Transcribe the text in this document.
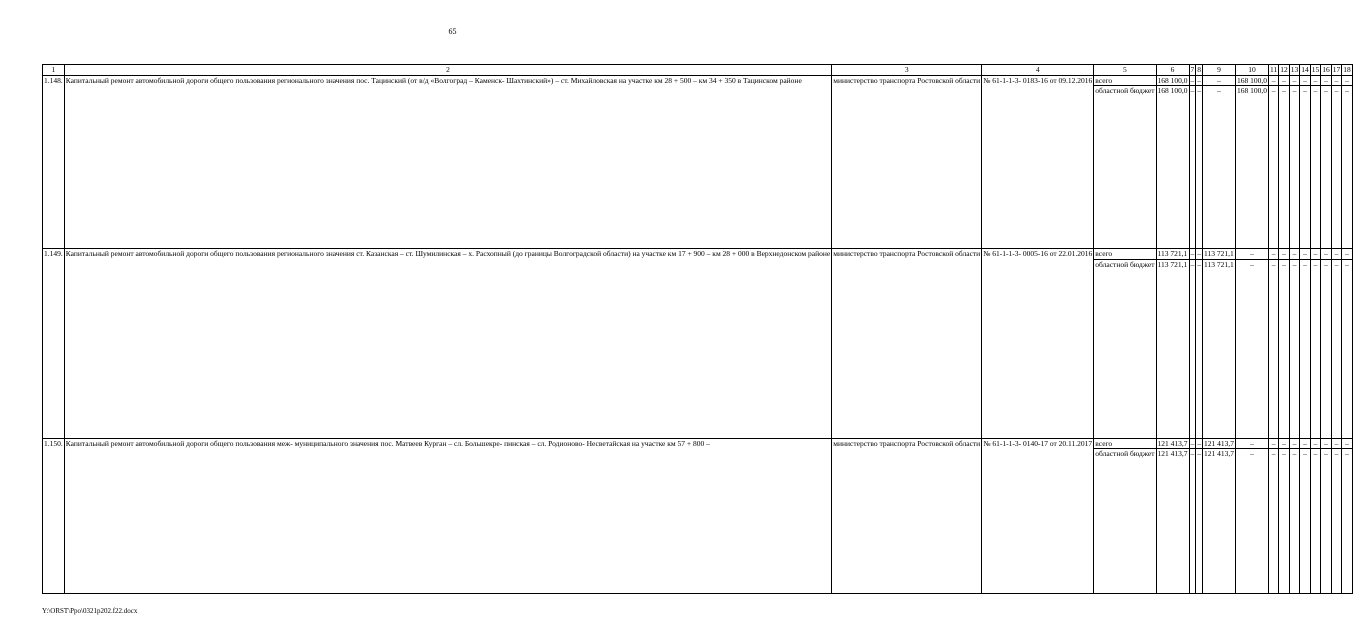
65
1	2	3	4	5	6	7	8	9	10	11	12	13	14	15	16	17	18
1.148.	Капитальный ремонт автомобильной дороги общего пользования регионального значения пос. Тацинский (от в/д «Волгоград – Каменск- Шахтинский») – ст. Михайловская на участке км 28 + 500 – км 34 + 350 в Тацинском районе	министерство транспорта Ростовской области	№ 61-1-1-3- 0183-16 от 09.12.2016	всего	168 100,0	–	–	–	168 100,0	–	–	–	–	–	–	–	–
				областной бюджет	168 100,0	–	–	–	168 100,0	–	–	–	–	–	–	–	–
1.149.	Капитальный ремонт автомобильной дороги общего пользования регионального значения ст. Казанская – ст. Шумилинская – х. Расхопный (до границы Волгоградской области) на участке км 17 + 900 – км 28 + 000 в Верхнедонском районе	министерство транспорта Ростовской области	№ 61-1-1-3- 0005-16 от 22.01.2016	всего	113 721,1	–	–	113 721,1	–	–	–	–	–	–	–	–	–
				областной бюджет	113 721,1	–	–	113 721,1	–	–	–	–	–	–	–	–	–
1.150.	Капитальный ремонт автомобильной дороги общего пользования меж- муниципального значения пос. Матвеев Курган – сл. Большекре- пинская – сл. Родионово- Несветайская на участке км 57 + 800 –	министерство транспорта Ростовской области	№ 61-1-1-3- 0140-17 от 20.11.2017	всего	121 413,7	–	–	121 413,7	–	–	–	–	–	–	–	–	–
				областной бюджет	121 413,7	–	–	121 413,7	–	–	–	–	–	–	–	–	–
Y:\ORST\Ppo\0321p202.f22.docx
